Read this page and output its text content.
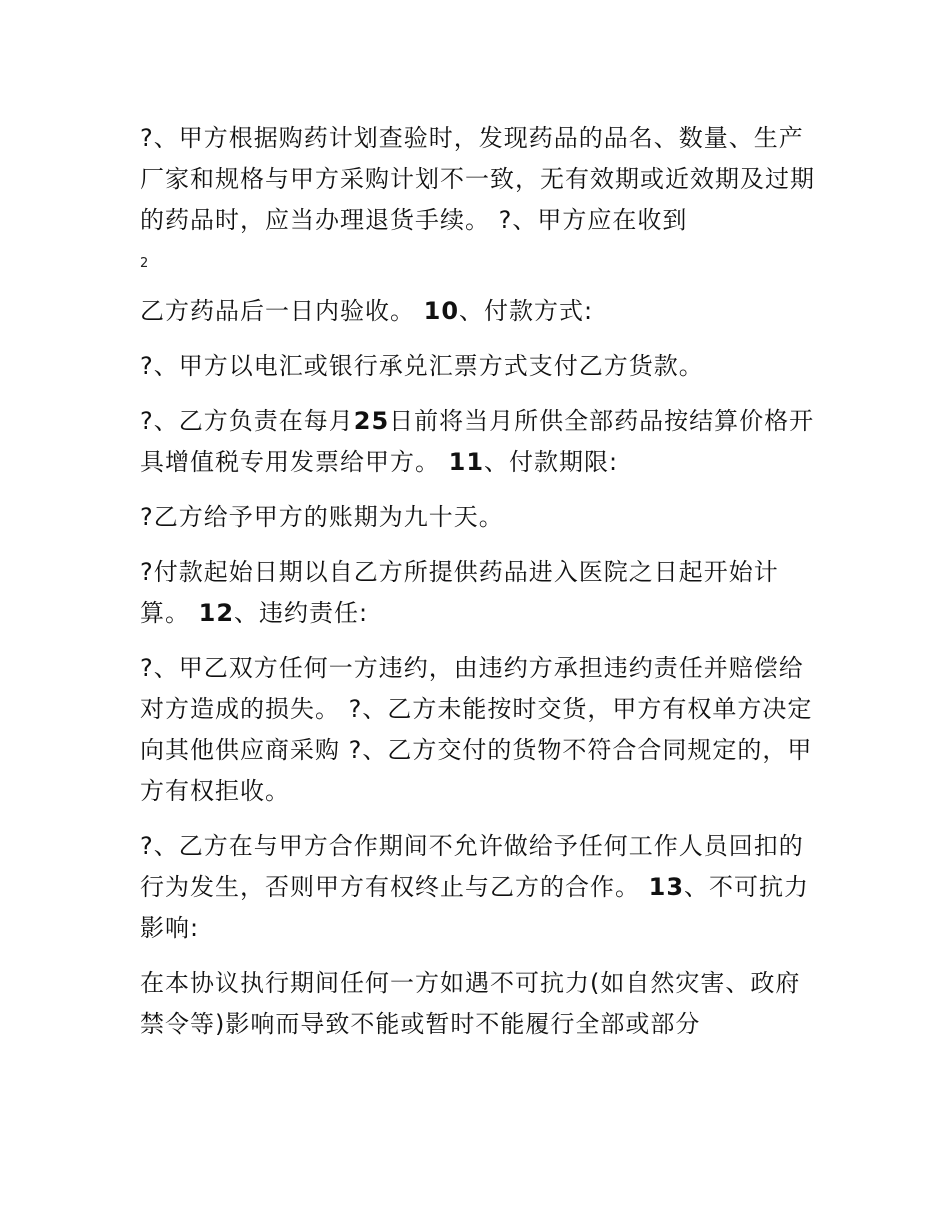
?、甲方根据购药计划查验时，发现药品的品名、数量、生产厂家和规格与甲方采购计划不一致，无有效期或近效期及过期的药品时，应当办理退货手续。 ?、甲方应在收到

2

乙方药品后一日内验收。 10、付款方式:

?、甲方以电汇或银行承兑汇票方式支付乙方货款。

?、乙方负责在每月25日前将当月所供全部药品按结算价格开具增值税专用发票给甲方。 11、付款期限:

?乙方给予甲方的账期为九十天。

?付款起始日期以自乙方所提供药品进入医院之日起开始计算。 12、违约责任:

?、甲乙双方任何一方违约，由违约方承担违约责任并赔偿给对方造成的损失。 ?、乙方未能按时交货，甲方有权单方决定向其他供应商采购 ?、乙方交付的货物不符合合同规定的，甲方有权拒收。

?、乙方在与甲方合作期间不允许做给予任何工作人员回扣的行为发生，否则甲方有权终止与乙方的合作。 13、不可抗力影响:

在本协议执行期间任何一方如遇不可抗力(如自然灾害、政府禁令等)影响而导致不能或暂时不能履行全部或部分
